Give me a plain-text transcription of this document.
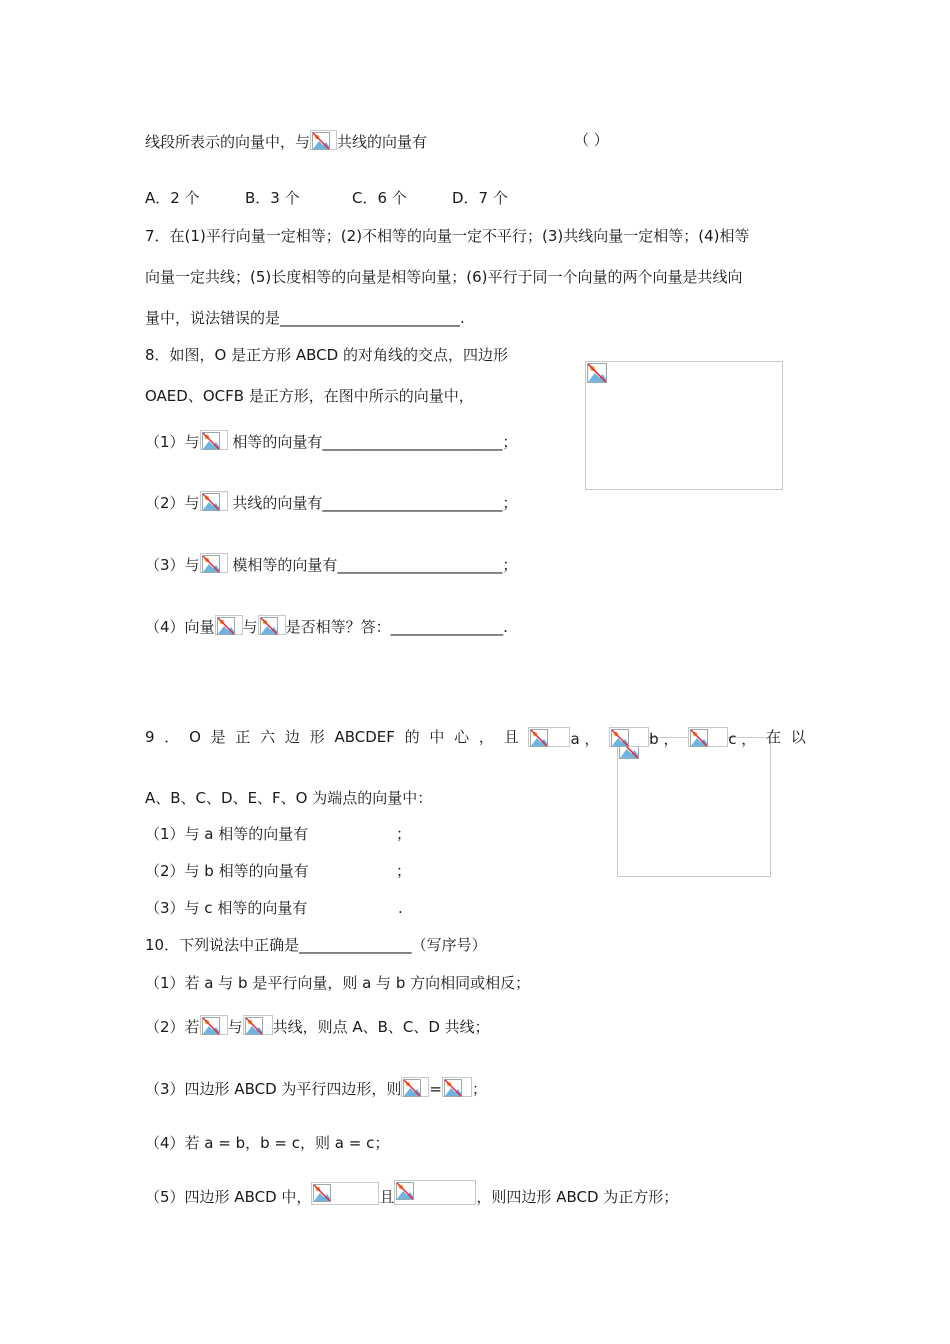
线段所表示的向量中，与 共线的向量有	（ ）
A．2 个	B．3 个	C．6 个	D．7 个
7．在(1)平行向量一定相等；(2)不相等的向量一定不平行；(3)共线向量一定相等；(4)相等
向量一定共线；(5)长度相等的向量是相等向量；(6)平行于同一个向量的两个向量是共线向
量中，说法错误的是________________________.
8．如图，O 是正方形 ABCD 的对角线的交点，四边形
OAED、OCFB 是正方形，在图中所示的向量中，
（1）与
相等的向量有________________________；
（2）与
共线的向量有________________________；
（3）与
模相等的向量有______________________；
（4）向量 与 是否相等？答：_______________.
9 ． O 是 正 六 边 形 ABCDEF 的 中 心 ， 且	a ，	b ，	c ， 在 以
A、B、C、D、E、F、O 为端点的向量中：
（1）与 a 相等的向量有	；
（2）与 b 相等的向量有	；
（3）与 c 相等的向量有	.
10．下列说法中正确是_______________（写序号）
（1）若 a 与 b 是平行向量，则 a 与 b 方向相同或相反；
（2）若 与 共线，则点 A、B、C、D 共线；
（3）四边形 ABCD 为平行四边形，则 = ；
（4）若 a = b，b = c，则 a = c；
（5）四边形 ABCD 中，	且	，则四边形 ABCD 为正方形；
